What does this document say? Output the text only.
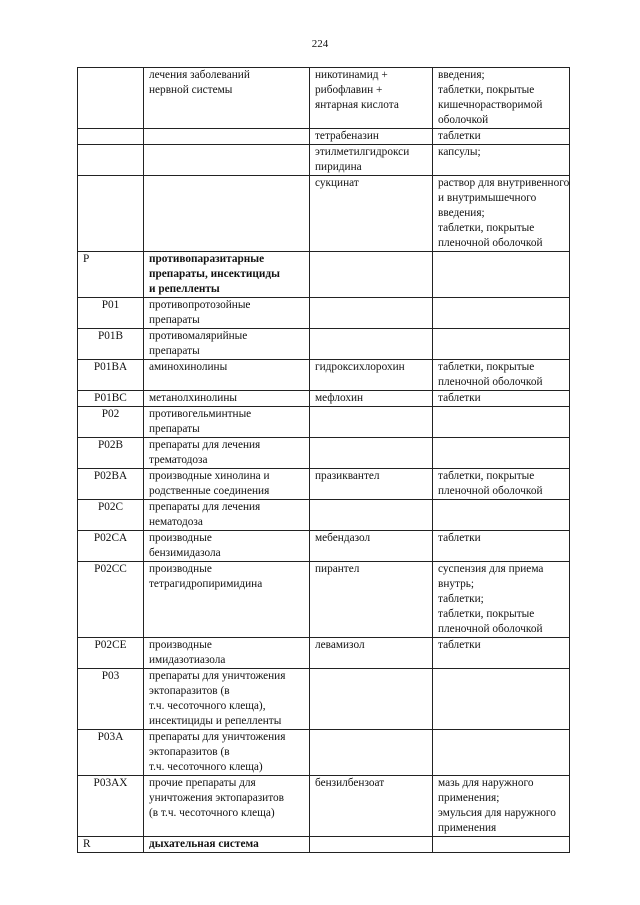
224

	лечения заболеваний
нервной системы	никотинамид +
рибофлавин +
янтарная кислота	введения;
таблетки, покрытые
кишечнорастворимой
оболочкой

		тетрабеназин	таблетки

		этилметилгидрокси
пиридина	капсулы;

		сукцинат	раствор для внутривенного
и внутримышечного
введения;
таблетки, покрытые
пленочной оболочкой

P	противопаразитарные
препараты, инсектициды
и репелленты		

P01	противопротозойные
препараты		

P01B	противомалярийные
препараты		

P01BA	аминохинолины	гидроксихлорохин	таблетки, покрытые
пленочной оболочкой

P01BC	метанолхинолины	мефлохин	таблетки

P02	противогельминтные
препараты		

P02B	препараты для лечения
трематодоза		

P02BA	производные хинолина и
родственные соединения	празиквантел	таблетки, покрытые
пленочной оболочкой

P02C	препараты для лечения
нематодоза		

P02CA	производные
бензимидазола	мебендазол	таблетки

P02CC	производные
тетрагидропиримидина	пирантел	суспензия для приема
внутрь;
таблетки;
таблетки, покрытые
пленочной оболочкой

P02CE	производные
имидазотиазола	левамизол	таблетки

P03	препараты для уничтожения
эктопаразитов (в
т.ч. чесоточного клеща),
инсектициды и репелленты		

P03A	препараты для уничтожения
эктопаразитов (в
т.ч. чесоточного клеща)		

P03AX	прочие препараты для
уничтожения эктопаразитов
(в т.ч. чесоточного клеща)	бензилбензоат	мазь для наружного
применения;
эмульсия для наружного
применения

R	дыхательная система		
